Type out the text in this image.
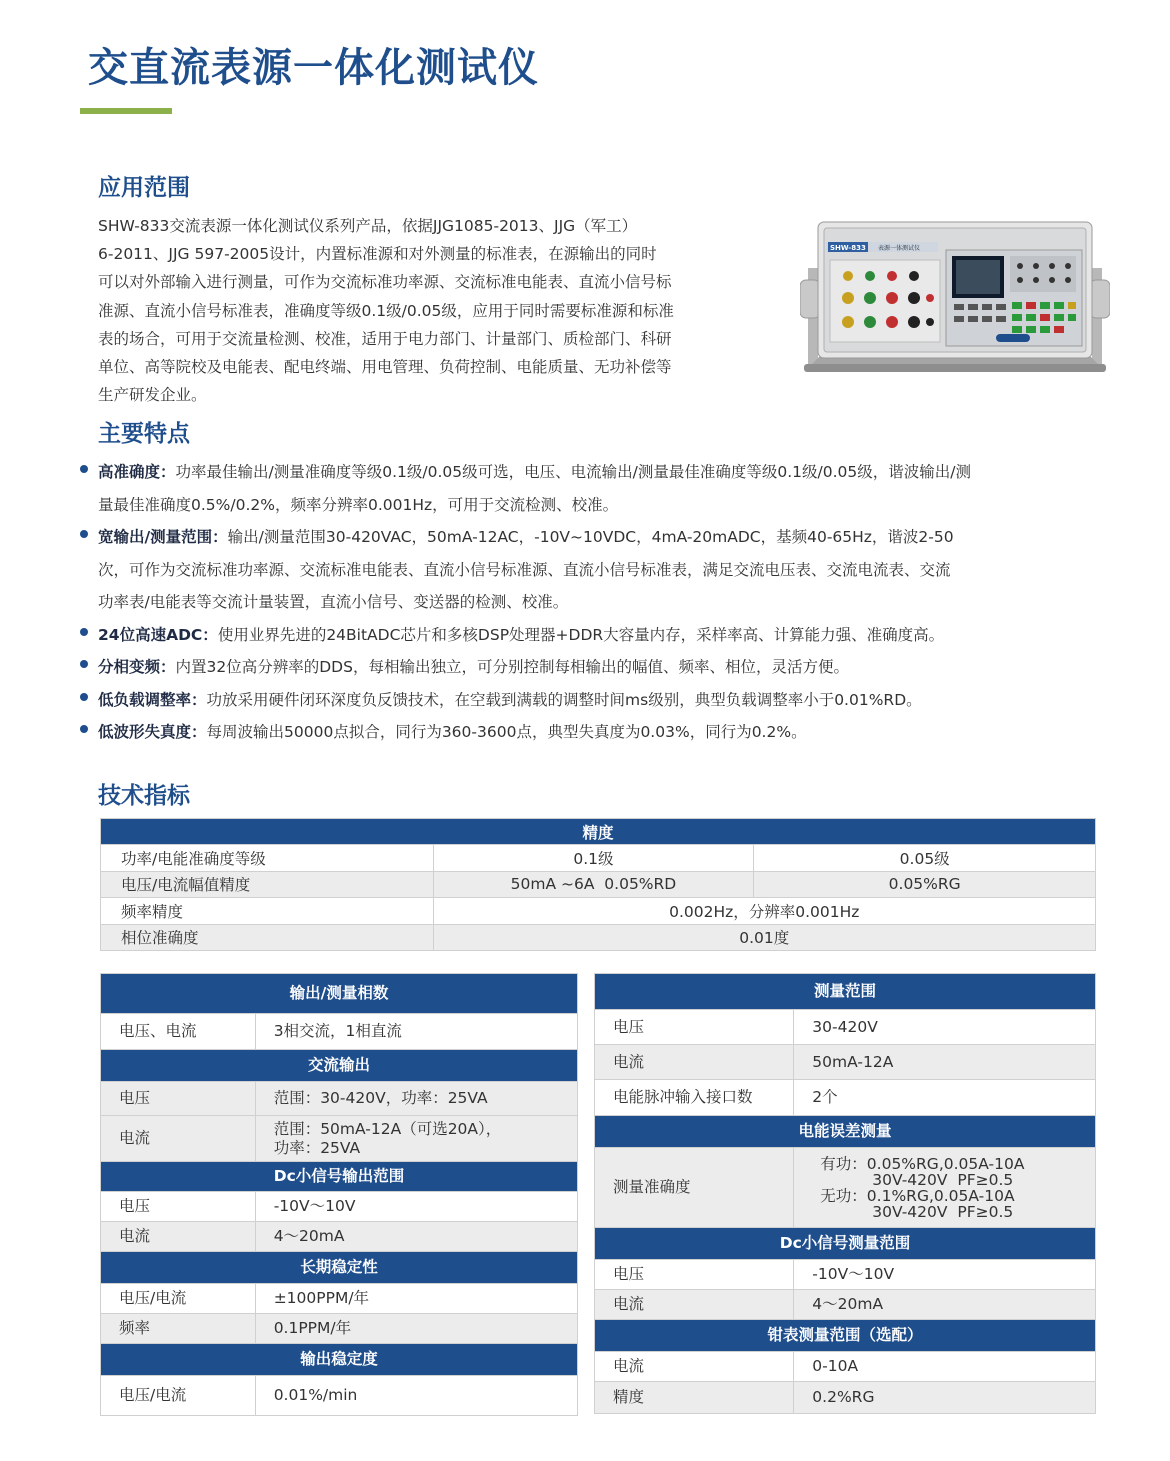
交直流表源一体化测试仪
应用范围

SHW-833交流表源一体化测试仪系列产品，依据JJG1085-2013、JJG（军工）

6-2011、JJG 597-2005设计，内置标准源和对外测量的标准表，在源输出的同时

可以对外部输入进行测量，可作为交流标准功率源、交流标准电能表、直流小信号标

准源、直流小信号标准表，准确度等级0.1级/0.05级，应用于同时需要标准源和标准

表的场合，可用于交流量检测、校准，适用于电力部门、计量部门、质检部门、科研

单位、高等院校及电能表、配电终端、用电管理、负荷控制、电能质量、无功补偿等

生产研发企业。

SHW-833 表源一体测试仪
主要特点
高准确度：功率最佳输出/测量准确度等级0.1级/0.05级可选，电压、电流输出/测量最佳准确度等级0.1级/0.05级，谐波输出/测
量最佳准确度0.5%/0.2%，频率分辨率0.001Hz，可用于交流检测、校准。
宽输出/测量范围：输出/测量范围30-420VAC，50mA-12AC，-10V~10VDC，4mA-20mADC，基频40-65Hz，谐波2-50
次，可作为交流标准功率源、交流标准电能表、直流小信号标准源、直流小信号标准表，满足交流电压表、交流电流表、交流
功率表/电能表等交流计量装置，直流小信号、变送器的检测、校准。
24位高速ADC：使用业界先进的24BitADC芯片和多核DSP处理器+DDR大容量内存，采样率高、计算能力强、准确度高。
分相变频：内置32位高分辨率的DDS，每相输出独立，可分别控制每相输出的幅值、频率、相位，灵活方便。
低负载调整率：功放采用硬件闭环深度负反馈技术，在空载到满载的调整时间ms级别，典型负载调整率小于0.01%RD。
低波形失真度：每周波输出50000点拟合，同行为360-3600点，典型失真度为0.03%，同行为0.2%。
技术指标
精度		
功率/电能准确度等级	0.1级	0.05级
电压/电流幅值精度	50mA ~6A  0.05%RD	0.05%RG
频率精度	0.002Hz，分辨率0.001Hz	
相位准确度	0.01度	
输出/测量相数	
电压、电流	3相交流，1相直流
交流输出	
电压	范围：30-420V，功率：25VA
电流	范围：50mA-12A（可选20A），
功率：25VA

Dc小信号输出范围	
电压	-10V～10V
电流	4～20mA
长期稳定性	
电压/电流	±100PPM/年
频率	0.1PPM/年
输出稳定度	
电压/电流	0.01%/min
测量范围	
电压	30-420V
电流	50mA-12A
电能脉冲输入接口数	2个
电能误差测量	
测量准确度	有功：0.05%RG,0.05A-10A
30V-420V  PF≥0.5
无功：0.1%RG,0.05A-10A
30V-420V  PF≥0.5

Dc小信号测量范围	
电压	-10V～10V
电流	4～20mA
钳表测量范围（选配）	
电流	0-10A
精度	0.2%RG
